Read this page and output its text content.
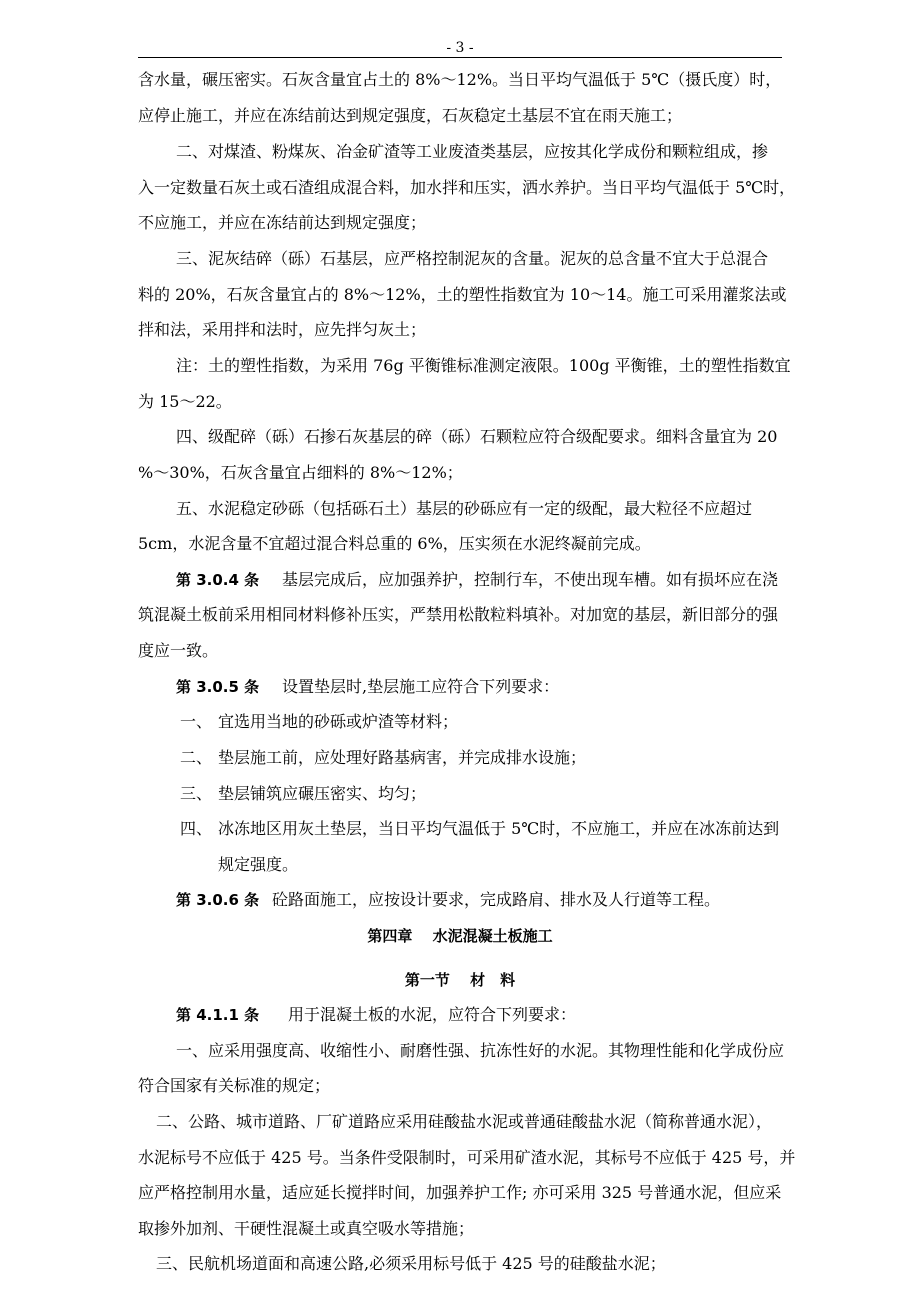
- 3 -
含水量，碾压密实。石灰含量宜占土的 8%～12%。当日平均气温低于 5℃（摄氏度）时，
应停止施工，并应在冻结前达到规定强度，石灰稳定土基层不宜在雨天施工；
二、对煤渣、粉煤灰、冶金矿渣等工业废渣类基层，应按其化学成份和颗粒组成，掺
入一定数量石灰土或石渣组成混合料，加水拌和压实，洒水养护。当日平均气温低于 5℃时，
不应施工，并应在冻结前达到规定强度；
三、泥灰结碎（砾）石基层，应严格控制泥灰的含量。泥灰的总含量不宜大于总混合
料的 20%，石灰含量宜占的 8%～12%，土的塑性指数宜为 10～14。施工可采用灌浆法或
拌和法，采用拌和法时，应先拌匀灰土；
注：土的塑性指数，为采用 76g 平衡锥标准测定液限。100g 平衡锥，土的塑性指数宜
为 15～22。
四、级配碎（砾）石掺石灰基层的碎（砾）石颗粒应符合级配要求。细料含量宜为 20
%～30%，石灰含量宜占细料的 8%～12%；
五、水泥稳定砂砾（包括砾石土）基层的砂砾应有一定的级配，最大粒径不应超过
5cm，水泥含量不宜超过混合料总重的 6%，压实须在水泥终凝前完成。
第 3.0.4 条 基层完成后，应加强养护，控制行车，不使出现车槽。如有损坏应在浇
筑混凝土板前采用相同材料修补压实，严禁用松散粒料填补。对加宽的基层，新旧部分的强
度应一致。
第 3.0.5 条 设置垫层时,垫层施工应符合下列要求：
一、 宜选用当地的砂砾或炉渣等材料；
二、 垫层施工前，应处理好路基病害，并完成排水设施；
三、 垫层铺筑应碾压密实、均匀；
四、 冰冻地区用灰土垫层，当日平均气温低于 5℃时，不应施工，并应在冰冻前达到
规定强度。
第 3.0.6 条 砼路面施工，应按设计要求，完成路肩、排水及人行道等工程。
第四章　 水泥混凝土板施工
第一节　 材　料
第 4.1.1 条 用于混凝土板的水泥，应符合下列要求：
一、应采用强度高、收缩性小、耐磨性强、抗冻性好的水泥。其物理性能和化学成份应
符合国家有关标准的规定；
二、公路、城市道路、厂矿道路应采用硅酸盐水泥或普通硅酸盐水泥（简称普通水泥），
水泥标号不应低于 425 号。当条件受限制时，可采用矿渣水泥，其标号不应低于 425 号，并
应严格控制用水量，适应延长搅拌时间，加强养护工作; 亦可采用 325 号普通水泥，但应采
取掺外加剂、干硬性混凝土或真空吸水等措施；
三、民航机场道面和高速公路,必须采用标号低于 425 号的硅酸盐水泥；
